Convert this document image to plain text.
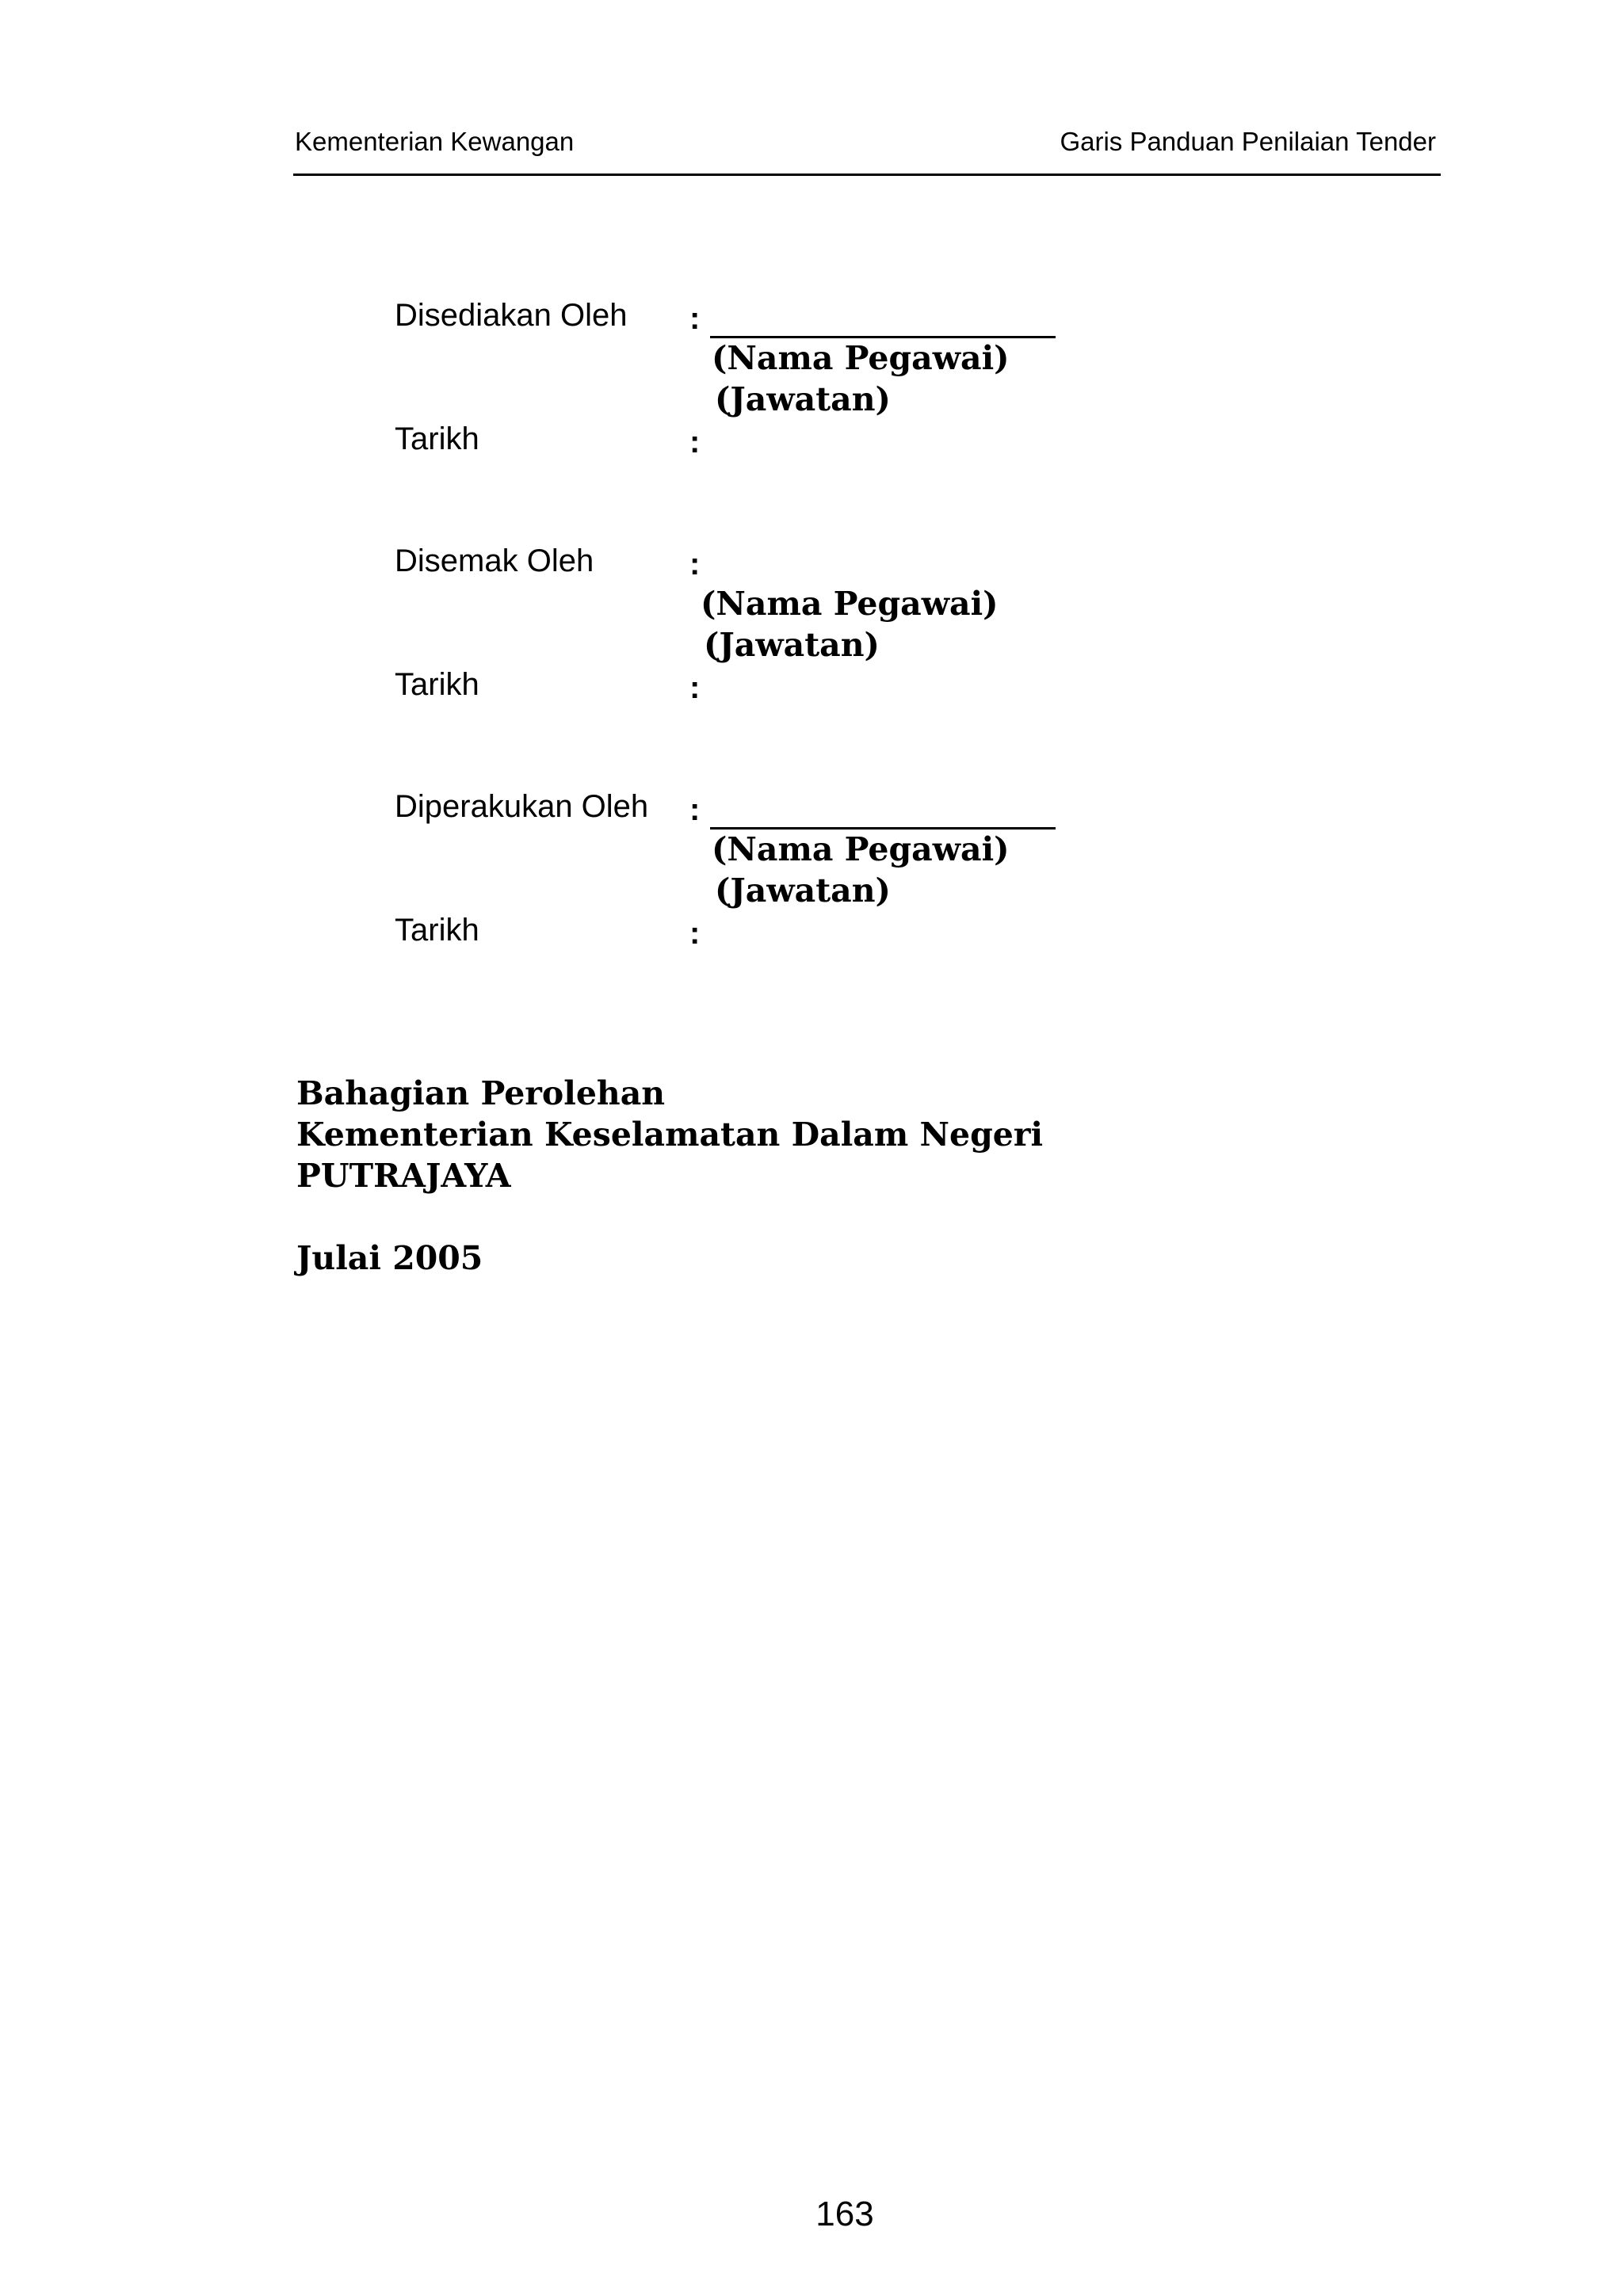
Kementerian Kewangan	Garis Panduan Penilaian Tender
Disediakan Oleh :
(Nama Pegawai)
(Jawatan)
Tarikh	:
Disemak Oleh	:
(Nama Pegawai)
(Jawatan)
Tarikh	:
Diperakukan Oleh :
(Nama Pegawai)
(Jawatan)
Tarikh	:
Bahagian Perolehan
Kementerian Keselamatan Dalam Negeri
PUTRAJAYA
Julai 2005
163
